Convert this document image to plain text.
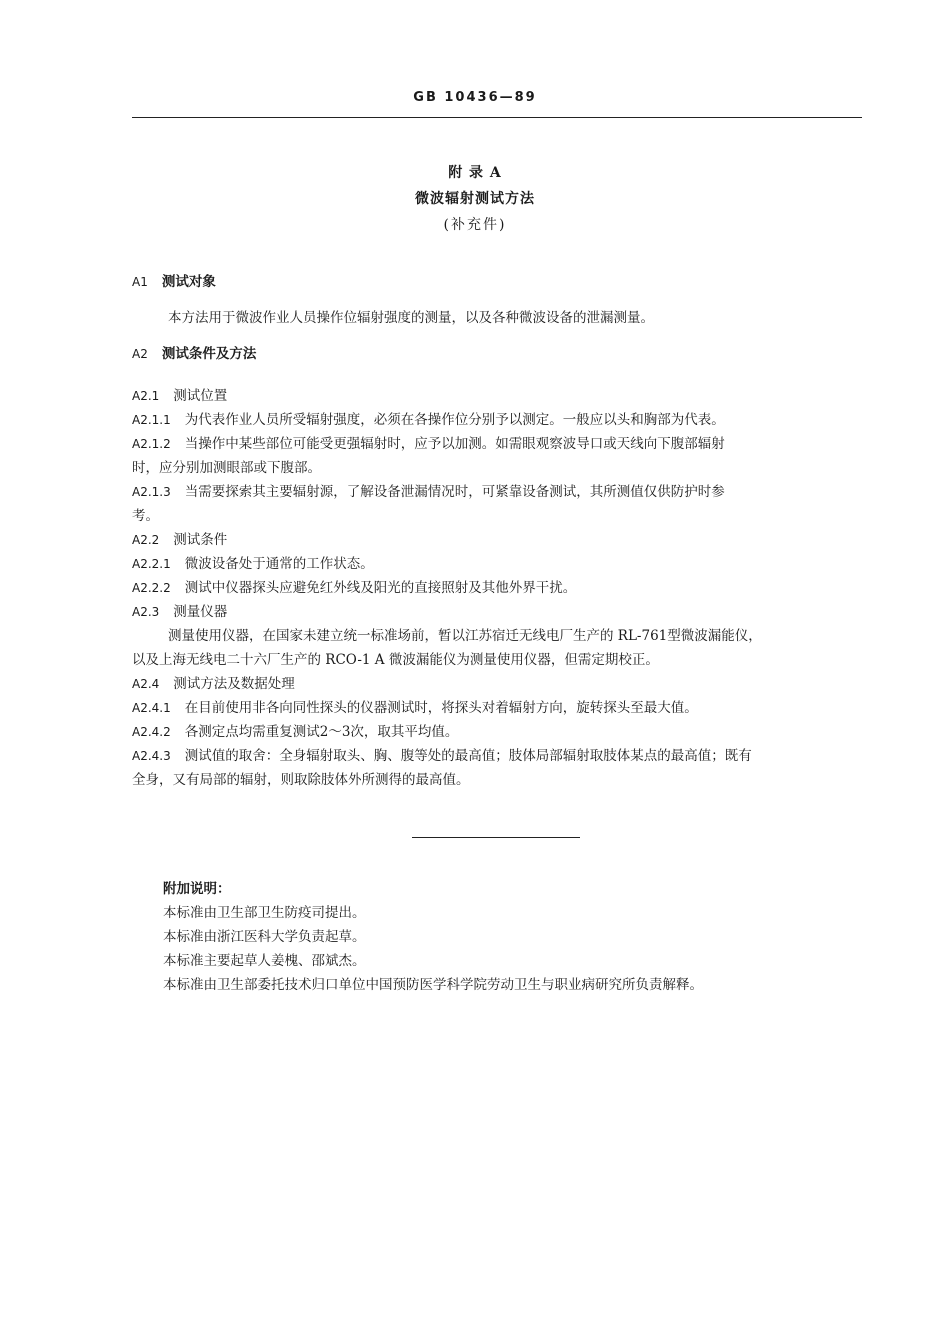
GB 10436—89
附 录 A
微波辐射测试方法
(补充件)
A1 测试对象
本方法用于微波作业人员操作位辐射强度的测量，以及各种微波设备的泄漏测量。
A2 测试条件及方法
A2.1 测试位置
A2.1.1 为代表作业人员所受辐射强度，必须在各操作位分别予以测定。一般应以头和胸部为代表。
A2.1.2 当操作中某些部位可能受更强辐射时，应予以加测。如需眼观察波导口或天线向下腹部辐射
时，应分别加测眼部或下腹部。
A2.1.3 当需要探索其主要辐射源，了解设备泄漏情况时，可紧靠设备测试，其所测值仅供防护时参
考。
A2.2 测试条件
A2.2.1 微波设备处于通常的工作状态。
A2.2.2 测试中仪器探头应避免红外线及阳光的直接照射及其他外界干扰。
A2.3 测量仪器
测量使用仪器，在国家未建立统一标准场前，暂以江苏宿迁无线电厂生产的 RL-761型微波漏能仪，
以及上海无线电二十六厂生产的 RCO-1 A 微波漏能仪为测量使用仪器，但需定期校正。
A2.4 测试方法及数据处理
A2.4.1 在目前使用非各向同性探头的仪器测试时，将探头对着辐射方向，旋转探头至最大值。
A2.4.2 各测定点均需重复测试2～3次，取其平均值。
A2.4.3 测试值的取舍：全身辐射取头、胸、腹等处的最高值；肢体局部辐射取肢体某点的最高值；既有
全身，又有局部的辐射，则取除肢体外所测得的最高值。
附加说明：
本标准由卫生部卫生防疫司提出。
本标准由浙江医科大学负责起草。
本标准主要起草人姜槐、邵斌杰。
本标准由卫生部委托技术归口单位中国预防医学科学院劳动卫生与职业病研究所负责解释。
